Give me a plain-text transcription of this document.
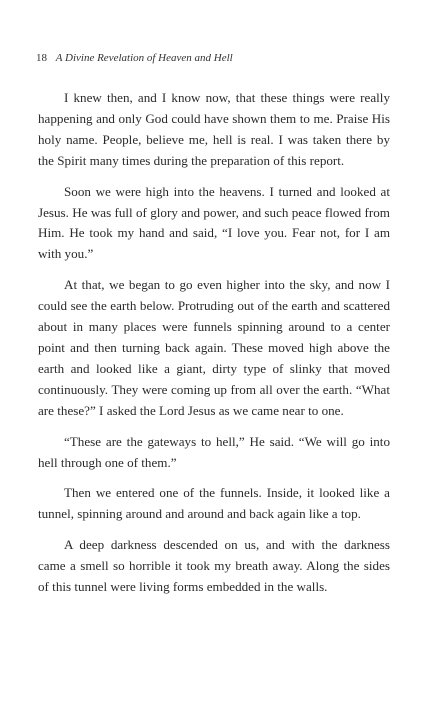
18 A Divine Revelation of Heaven and Hell

I knew then, and I know now, that these things were really happening and only God could have shown them to me. Praise His holy name. People, believe me, hell is real. I was taken there by the Spirit many times during the preparation of this report.

Soon we were high into the heavens. I turned and looked at Jesus. He was full of glory and power, and such peace flowed from Him. He took my hand and said, “I love you. Fear not, for I am with you.”

At that, we began to go even higher into the sky, and now I could see the earth below. Protruding out of the earth and scattered about in many places were funnels spinning around to a center point and then turning back again. These moved high above the earth and looked like a giant, dirty type of slinky that moved continuously. They were coming up from all over the earth. “What are these?” I asked the Lord Jesus as we came near to one.

“These are the gateways to hell,” He said. “We will go into hell through one of them.”

Then we entered one of the funnels. Inside, it looked like a tunnel, spinning around and around and back again like a top.

A deep darkness descended on us, and with the darkness came a smell so horrible it took my breath away. Along the sides of this tunnel were living forms embedded in the walls.
